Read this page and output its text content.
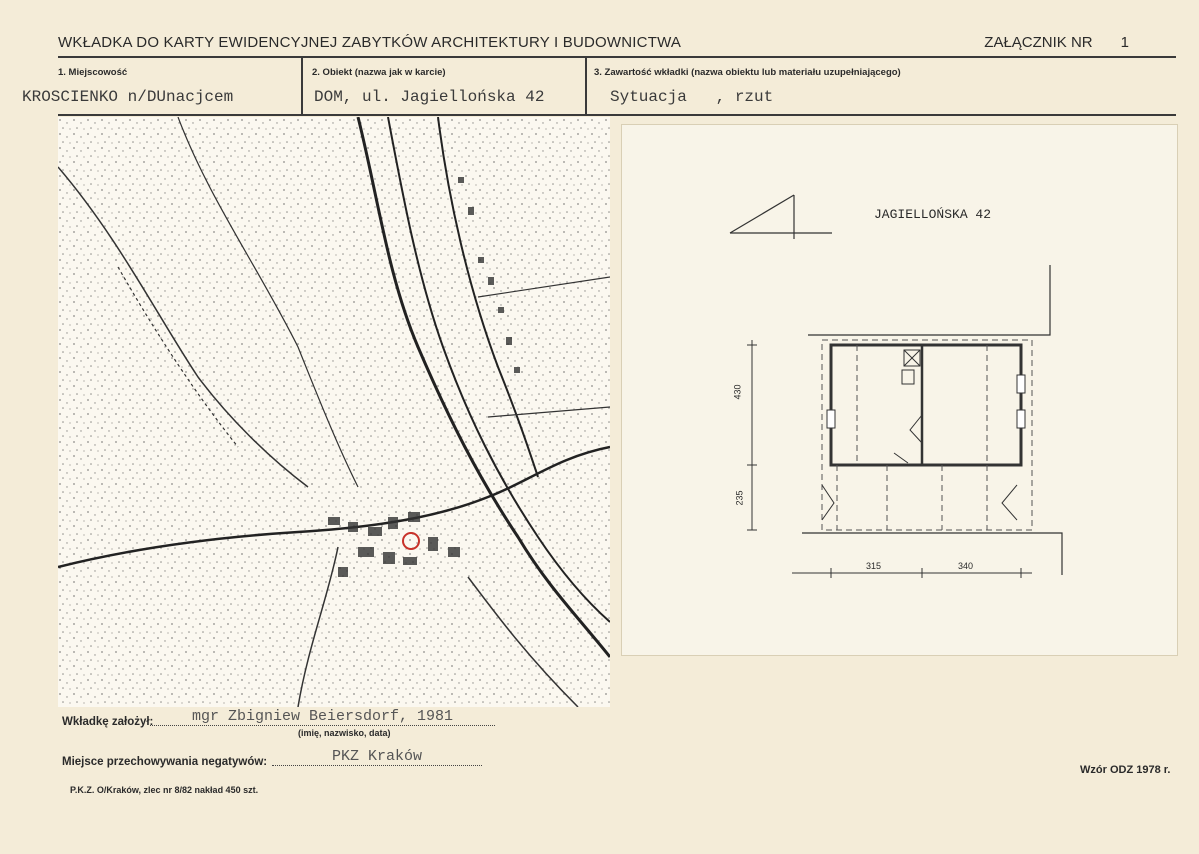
WKŁADKA DO KARTY EWIDENCYJNEJ ZABYTKÓW ARCHITEKTURY I BUDOWNICTWA	ZAŁĄCZNIK NR 1
1. Miejscowość
KROSCIENKO n/DUnacjcem
2. Obiekt (nazwa jak w karcie)
DOM, ul. Jagiellońska 42
3. Zawartość wkładki (nazwa obiektu lub materiału uzupełniającego)
Sytuacja   , rzut
JAGIELLOŃSKA 42
430
235
315	340
Wkładkę założył:	mgr Zbigniew Beiersdorf, 1981
(imię, nazwisko, data)
Miejsce przechowywania negatywów:	PKZ Kraków
P.K.Z. O/Kraków, zlec nr 8/82 nakład 450 szt.
Wzór ODZ 1978 r.
